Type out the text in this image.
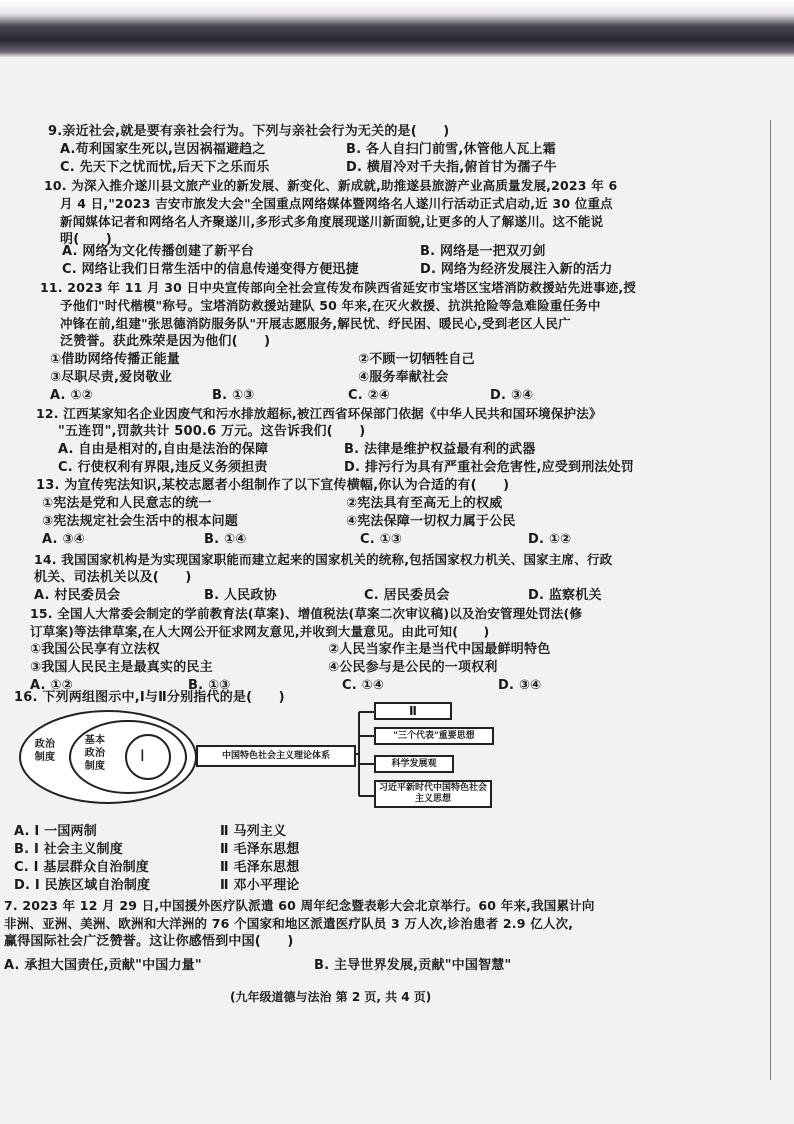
9.亲近社会,就是要有亲社会行为。下列与亲社会行为无关的是(　　)
A.苟利国家生死以,岂因祸福避趋之	B. 各人自扫门前雪,休管他人瓦上霜
C. 先天下之忧而忧,后天下之乐而乐	D. 横眉冷对千夫指,俯首甘为孺子牛
10. 为深入推介遂川县文旅产业的新发展、新变化、新成就,助推遂县旅游产业高质量发展,2023 年 6
月 4 日,"2023 吉安市旅发大会"全国重点网络媒体暨网络名人遂川行活动正式启动,近 30 位重点
新闻媒体记者和网络名人齐聚遂川,多形式多角度展现遂川新面貌,让更多的人了解遂川。这不能说
明(　　)
A. 网络为文化传播创建了新平台	B. 网络是一把双刃剑
C. 网络让我们日常生活中的信息传递变得方便迅捷	D. 网络为经济发展注入新的活力
11. 2023 年 11 月 30 日中央宣传部向全社会宣传发布陕西省延安市宝塔区宝塔消防救援站先进事迹,授
予他们"时代楷模"称号。宝塔消防救援站建队 50 年来,在灭火救援、抗洪抢险等急难险重任务中
冲锋在前,组建"张思德消防服务队"开展志愿服务,解民忧、纾民困、暖民心,受到老区人民广
泛赞誉。获此殊荣是因为他们(　　)
①借助网络传播正能量	②不顾一切牺牲自己
③尽职尽责,爱岗敬业	④服务奉献社会
A. ①②	B. ①③	C. ②④	D. ③④
12. 江西某家知名企业因废气和污水排放超标,被江西省环保部门依据《中华人民共和国环境保护法》
"五连罚",罚款共计 500.6 万元。这告诉我们(　　)
A. 自由是相对的,自由是法治的保障	B. 法律是维护权益最有利的武器
C. 行使权利有界限,违反义务须担责	D. 排污行为具有严重社会危害性,应受到刑法处罚
13. 为宣传宪法知识,某校志愿者小组制作了以下宣传横幅,你认为合适的有(　　)
①宪法是党和人民意志的统一	②宪法具有至高无上的权威
③宪法规定社会生活中的根本问题	④宪法保障一切权力属于公民
A. ③④	B. ①④	C. ①③	D. ①②
14. 我国国家机构是为实现国家职能而建立起来的国家机关的统称,包括国家权力机关、国家主席、行政
机关、司法机关以及(　　)
A. 村民委员会	B. 人民政协	C. 居民委员会	D. 监察机关
15. 全国人大常委会制定的学前教育法(草案)、增值税法(草案二次审议稿)以及治安管理处罚法(修
订草案)等法律草案,在人大网公开征求网友意见,并收到大量意见。由此可知(　　)
①我国公民享有立法权	②人民当家作主是当代中国最鲜明特色
③我国人民民主是最真实的民主	④公民参与是公民的一项权利
A. ①②	B. ①③	C. ①④	D. ③④
16. 下列两组图示中,Ⅰ与Ⅱ分别指代的是(　　)
政治制度
基本政治制度
Ⅰ	中国特色社会主义理论体系
Ⅱ
"三个代表"重要思想
科学发展观
习近平新时代中国特色社会主义思想
A. Ⅰ 一国两制	Ⅱ 马列主义
B. Ⅰ 社会主义制度	Ⅱ 毛泽东思想
C. Ⅰ 基层群众自治制度	Ⅱ 毛泽东思想
D. Ⅰ 民族区域自治制度	Ⅱ 邓小平理论
7. 2023 年 12 月 29 日,中国援外医疗队派遣 60 周年纪念暨表彰大会北京举行。60 年来,我国累计向
非洲、亚洲、美洲、欧洲和大洋洲的 76 个国家和地区派遣医疗队员 3 万人次,诊治患者 2.9 亿人次,
赢得国际社会广泛赞誉。这让你感悟到中国(　　)
A. 承担大国责任,贡献"中国力量"	B. 主导世界发展,贡献"中国智慧"
(九年级道德与法治 第 2 页, 共 4 页)
